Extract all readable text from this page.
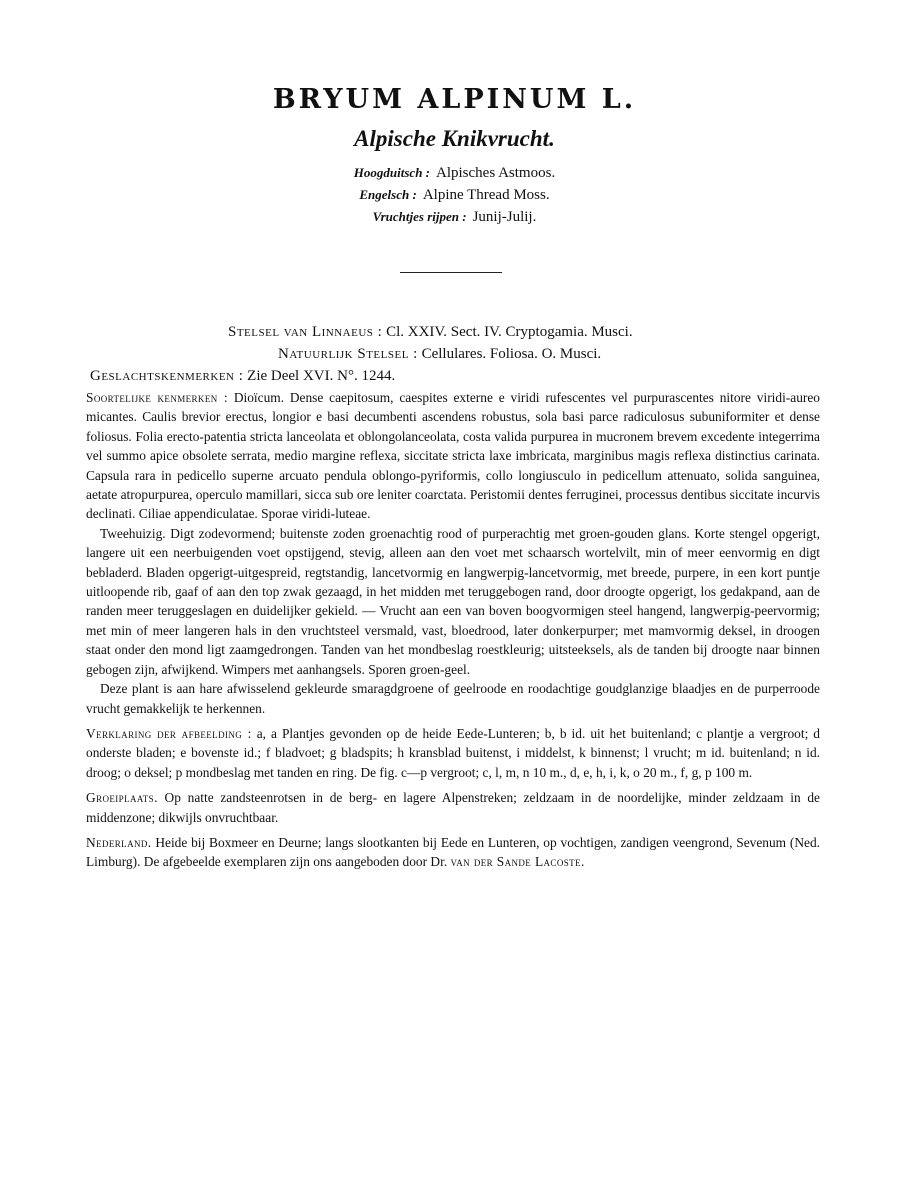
BRYUM ALPINUM L.
Alpische Knikvrucht.
Hoogduitsch : Alpisches Astmoos.
Engelsch : Alpine Thread Moss.
Vruchtjes rijpen : Junij-Julij.
Stelsel van Linnaeus : Cl. XXIV. Sect. IV. Cryptogamia. Musci.
Natuurlijk Stelsel : Cellulares. Foliosa. O. Musci.
Geslachtskenmerken : Zie Deel XVI. N°. 1244.

Soortelijke kenmerken : Dioïcum. Dense caepitosum, caespites externe e viridi rufescentes vel purpurascentes nitore viridi-aureo micantes. Caulis brevior erectus, longior e basi decumbenti ascendens robustus, sola basi parce radiculosus subuniformiter et dense foliosus. Folia erecto-patentia stricta lanceolata et oblongolanceolata, costa valida purpurea in mucronem brevem excedente integerrima vel summo apice obsolete serrata, medio margine reflexa, siccitate stricta laxe imbricata, marginibus magis reflexa distinctius carinata. Capsula rara in pedicello superne arcuato pendula oblongo-pyriformis, collo longiusculo in pedicellum attenuato, solida sanguinea, aetate atropurpurea, operculo mamillari, sicca sub ore leniter coarctata. Peristomii dentes ferruginei, processus dentibus siccitate incurvis declinati. Ciliae appendiculatae. Sporae viridi-luteae.

Tweehuizig. Digt zodevormend; buitenste zoden groenachtig rood of purperachtig met groen-gouden glans. Korte stengel opgerigt, langere uit een neerbuigenden voet opstijgend, stevig, alleen aan den voet met schaarsch wortelvilt, min of meer eenvormig en digt bebladerd. Bladen opgerigt-uitgespreid, regtstandig, lancetvormig en langwerpig-lancetvormig, met breede, purpere, in een kort puntje uitloopende rib, gaaf of aan den top zwak gezaagd, in het midden met teruggebogen rand, door droogte opgerigt, los gedakpand, aan de randen meer teruggeslagen en duidelijker gekield. — Vrucht aan een van boven boogvormigen steel hangend, langwerpig-peervormig; met min of meer langeren hals in den vruchtsteel versmald, vast, bloedrood, later donkerpurper; met mamvormig deksel, in droogen staat onder den mond ligt zaamgedrongen. Tanden van het mondbeslag roestkleurig; uitsteeksels, als de tanden bij droogte naar binnen gebogen zijn, afwijkend. Wimpers met aanhangsels. Sporen groen-geel.

Deze plant is aan hare afwisselend gekleurde smaragdgroene of geelroode en roodachtige goudglanzige blaadjes en de purperroode vrucht gemakkelijk te herkennen.

Verklaring der afbeelding : a, a Plantjes gevonden op de heide Eede-Lunteren; b, b id. uit het buitenland; c plantje a vergroot; d onderste bladen; e bovenste id.; f bladvoet; g bladspits; h kransblad buitenst, i middelst, k binnenst; l vrucht; m id. buitenland; n id. droog; o deksel; p mondbeslag met tanden en ring. De fig. c—p vergroot; c, l, m, n 10 m., d, e, h, i, k, o 20 m., f, g, p 100 m.

Groeiplaats. Op natte zandsteenrotsen in de berg- en lagere Alpenstreken; zeldzaam in de noordelijke, minder zeldzaam in de middenzone; dikwijls onvruchtbaar.

Nederland. Heide bij Boxmeer en Deurne; langs slootkanten bij Eede en Lunteren, op vochtigen, zandigen veengrond, Sevenum (Ned. Limburg). De afgebeelde exemplaren zijn ons aangeboden door Dr. van der Sande Lacoste.
